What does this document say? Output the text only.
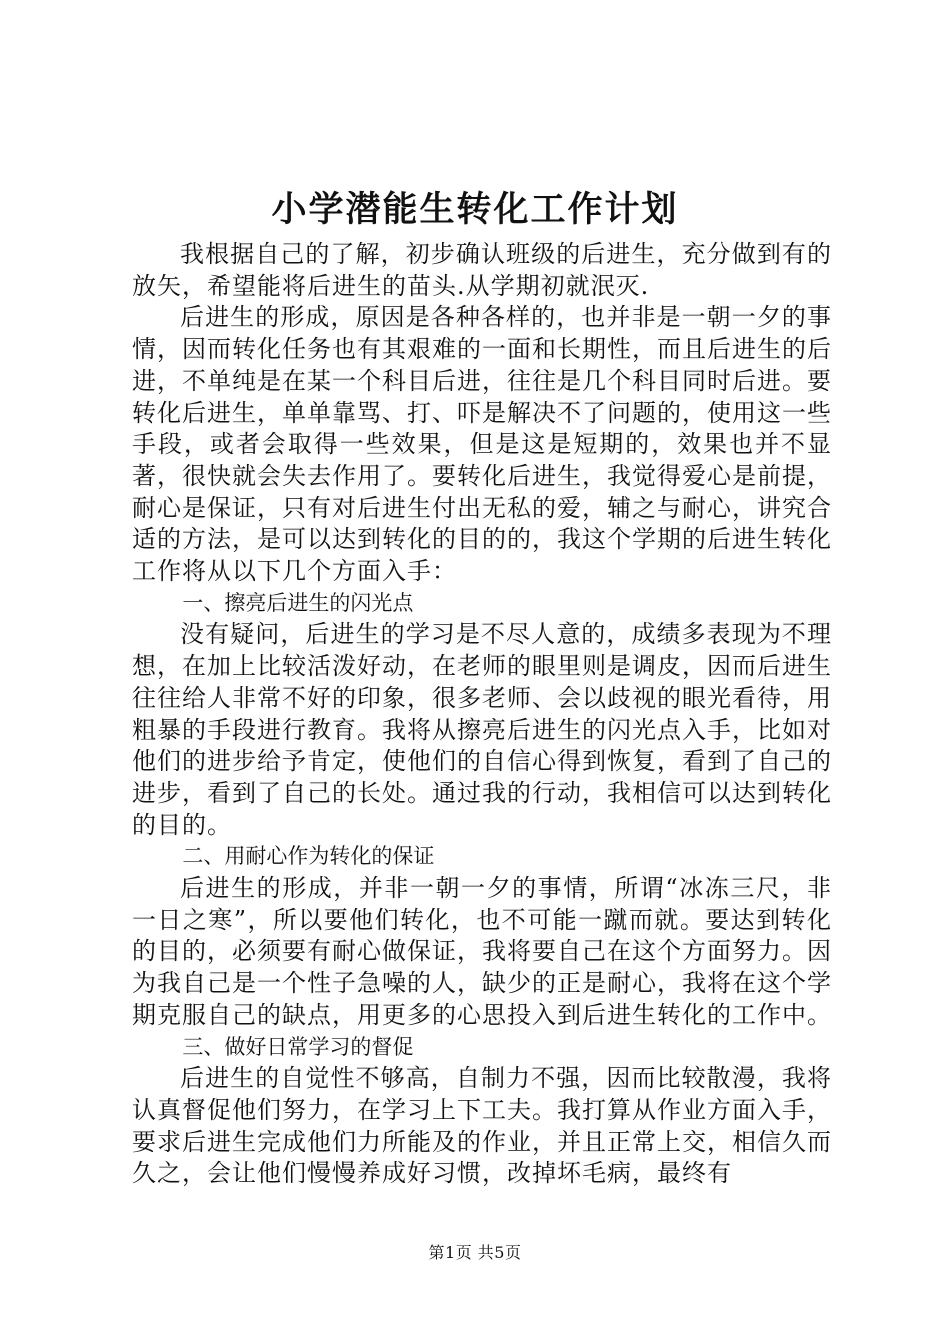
小学潜能生转化工作计划

我根据自己的了解，初步确认班级的后进生，充分做到有的放矢，希望能将后进生的苗头.从学期初就泯灭.

后进生的形成，原因是各种各样的，也并非是一朝一夕的事情，因而转化任务也有其艰难的一面和长期性，而且后进生的后进，不单纯是在某一个科目后进，往往是几个科目同时后进。要转化后进生，单单靠骂、打、吓是解决不了问题的，使用这一些手段，或者会取得一些效果，但是这是短期的，效果也并不显著，很快就会失去作用了。要转化后进生，我觉得爱心是前提，耐心是保证，只有对后进生付出无私的爱，辅之与耐心，讲究合适的方法，是可以达到转化的目的的，我这个学期的后进生转化工作将从以下几个方面入手：

一、擦亮后进生的闪光点

没有疑问，后进生的学习是不尽人意的，成绩多表现为不理想，在加上比较活泼好动，在老师的眼里则是调皮，因而后进生往往给人非常不好的印象，很多老师、会以歧视的眼光看待，用粗暴的手段进行教育。我将从擦亮后进生的闪光点入手，比如对他们的进步给予肯定，使他们的自信心得到恢复，看到了自己的进步，看到了自己的长处。通过我的行动，我相信可以达到转化的目的。

二、用耐心作为转化的保证

后进生的形成，并非一朝一夕的事情，所谓“冰冻三尺，非一日之寒”，所以要他们转化，也不可能一蹴而就。要达到转化的目的，必须要有耐心做保证，我将要自己在这个方面努力。因为我自己是一个性子急噪的人，缺少的正是耐心，我将在这个学期克服自己的缺点，用更多的心思投入到后进生转化的工作中。

三、做好日常学习的督促

后进生的自觉性不够高，自制力不强，因而比较散漫，我将认真督促他们努力，在学习上下工夫。我打算从作业方面入手，要求后进生完成他们力所能及的作业，并且正常上交，相信久而久之，会让他们慢慢养成好习惯，改掉坏毛病，最终有

第1页 共5页
